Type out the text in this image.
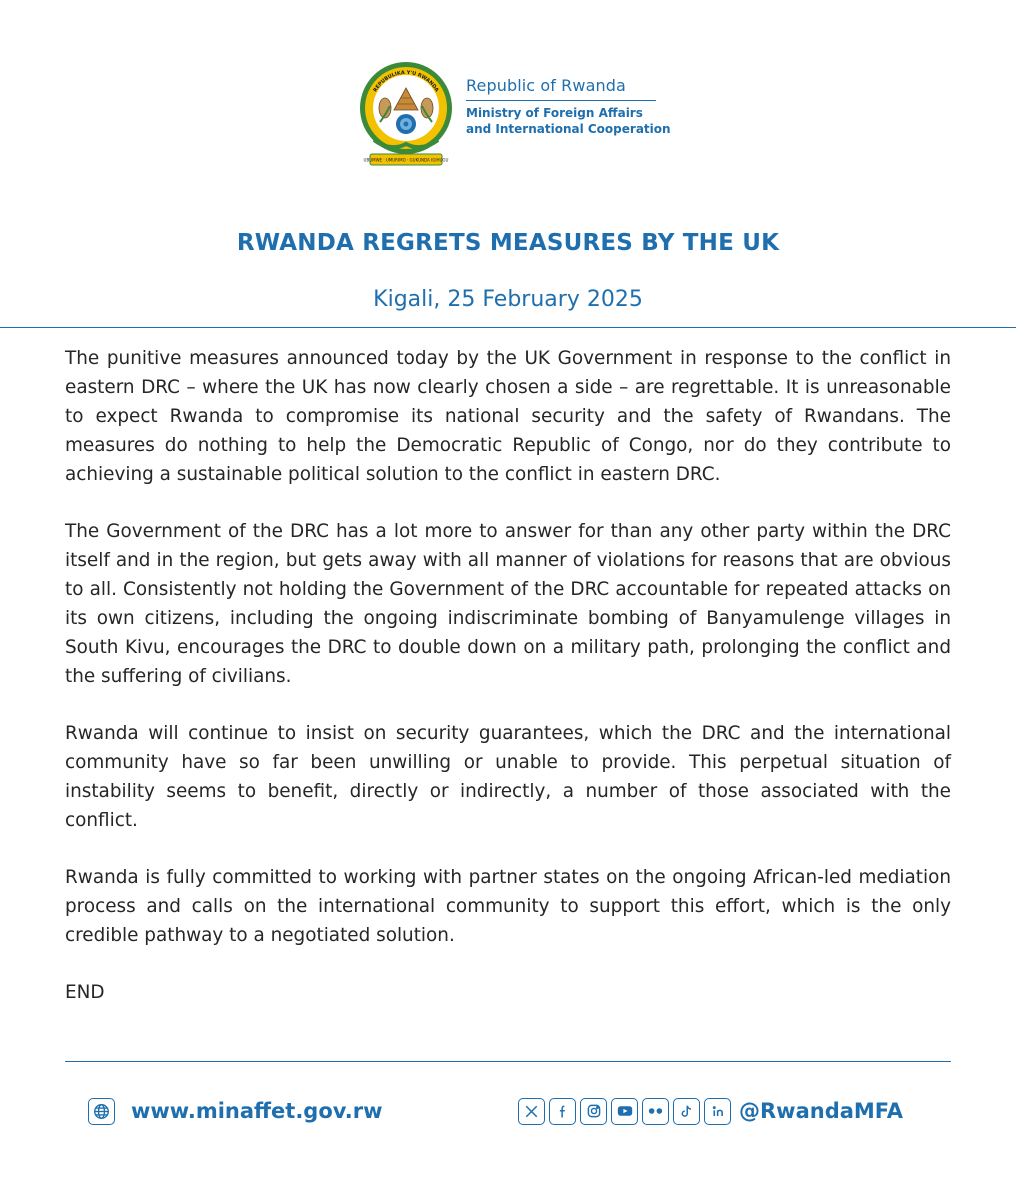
REPUBULIKA Y'U RWANDA
UBUMWE · UMURIMO · GUKUNDA IGIHUGU
Republic of Rwanda
Ministry of Foreign Affairs
and International Cooperation
RWANDA REGRETS MEASURES BY THE UK
Kigali, 25 February 2025

The punitive measures announced today by the UK Government in response to the conflict in eastern DRC – where the UK has now clearly chosen a side – are regrettable. It is unreasonable to expect Rwanda to compromise its national security and the safety of Rwandans. The measures do nothing to help the Democratic Republic of Congo, nor do they contribute to achieving a sustainable political solution to the conflict in eastern DRC.

The Government of the DRC has a lot more to answer for than any other party within the DRC itself and in the region, but gets away with all manner of violations for reasons that are obvious to all. Consistently not holding the Government of the DRC accountable for repeated attacks on its own citizens, including the ongoing indiscriminate bombing of Banyamulenge villages in South Kivu, encourages the DRC to double down on a military path, prolonging the conflict and the suffering of civilians.

Rwanda will continue to insist on security guarantees, which the DRC and the international community have so far been unwilling or unable to provide. This perpetual situation of instability seems to benefit, directly or indirectly, a number of those associated with the conflict.

Rwanda is fully committed to working with partner states on the ongoing African-led mediation process and calls on the international community to support this effort, which is the only credible pathway to a negotiated solution.

END

www.minaffet.gov.rw	@RwandaMFA
